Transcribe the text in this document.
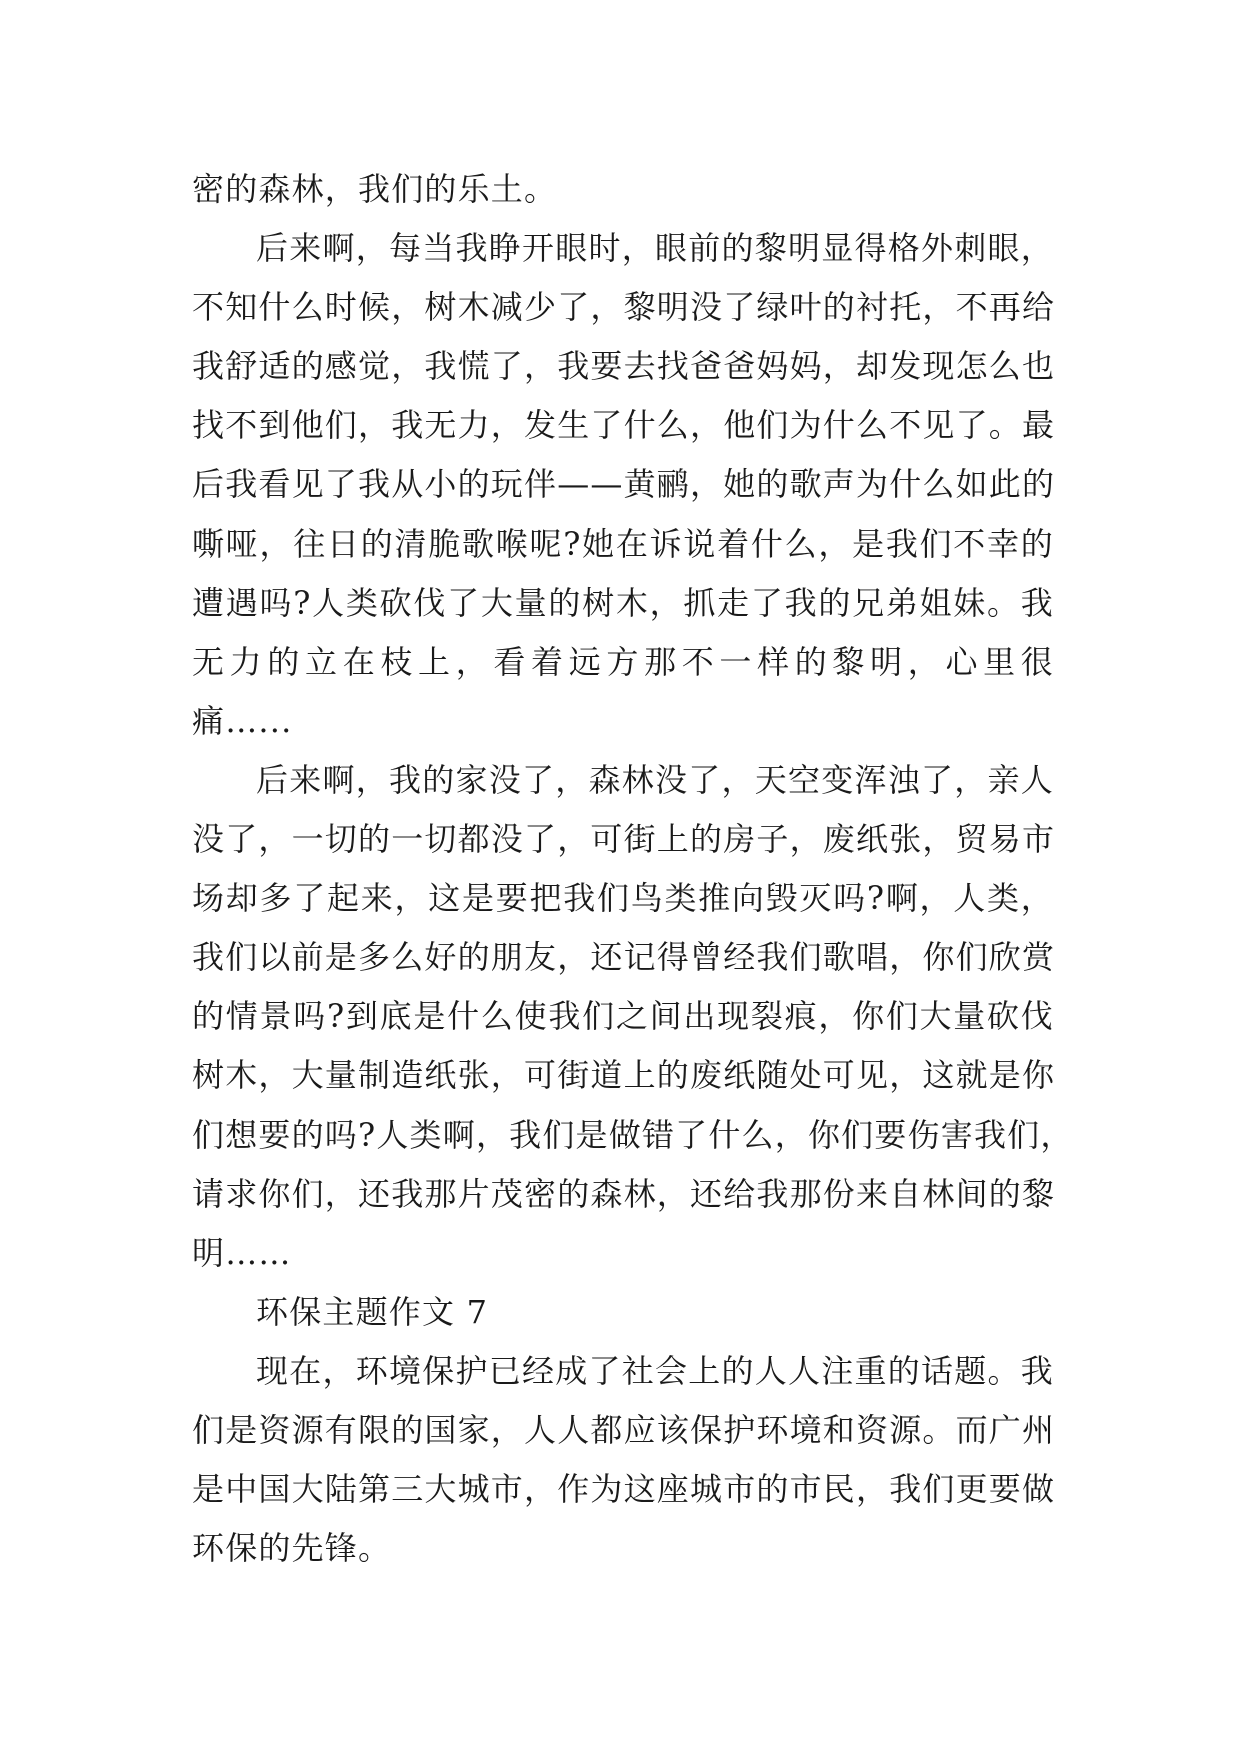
密的森林，我们的乐土。
后来啊，每当我睁开眼时，眼前的黎明显得格外刺眼，
不知什么时候，树木减少了，黎明没了绿叶的衬托，不再给
我舒适的感觉，我慌了，我要去找爸爸妈妈，却发现怎么也
找不到他们，我无力，发生了什么，他们为什么不见了。最
后我看见了我从小的玩伴——黄鹂，她的歌声为什么如此的
嘶哑，往日的清脆歌喉呢?她在诉说着什么，是我们不幸的
遭遇吗?人类砍伐了大量的树木，抓走了我的兄弟姐妹。我
无力的立在枝上，看着远方那不一样的黎明，心里很
痛…...
后来啊，我的家没了，森林没了，天空变浑浊了，亲人
没了，一切的一切都没了，可街上的房子，废纸张，贸易市
场却多了起来，这是要把我们鸟类推向毁灭吗?啊，人类，
我们以前是多么好的朋友，还记得曾经我们歌唱，你们欣赏
的情景吗?到底是什么使我们之间出现裂痕，你们大量砍伐
树木，大量制造纸张，可街道上的废纸随处可见，这就是你
们想要的吗?人类啊，我们是做错了什么，你们要伤害我们，
请求你们，还我那片茂密的森林，还给我那份来自林间的黎
明……
环保主题作文 7
现在，环境保护已经成了社会上的人人注重的话题。我
们是资源有限的国家，人人都应该保护环境和资源。而广州
是中国大陆第三大城市，作为这座城市的市民，我们更要做
环保的先锋。
